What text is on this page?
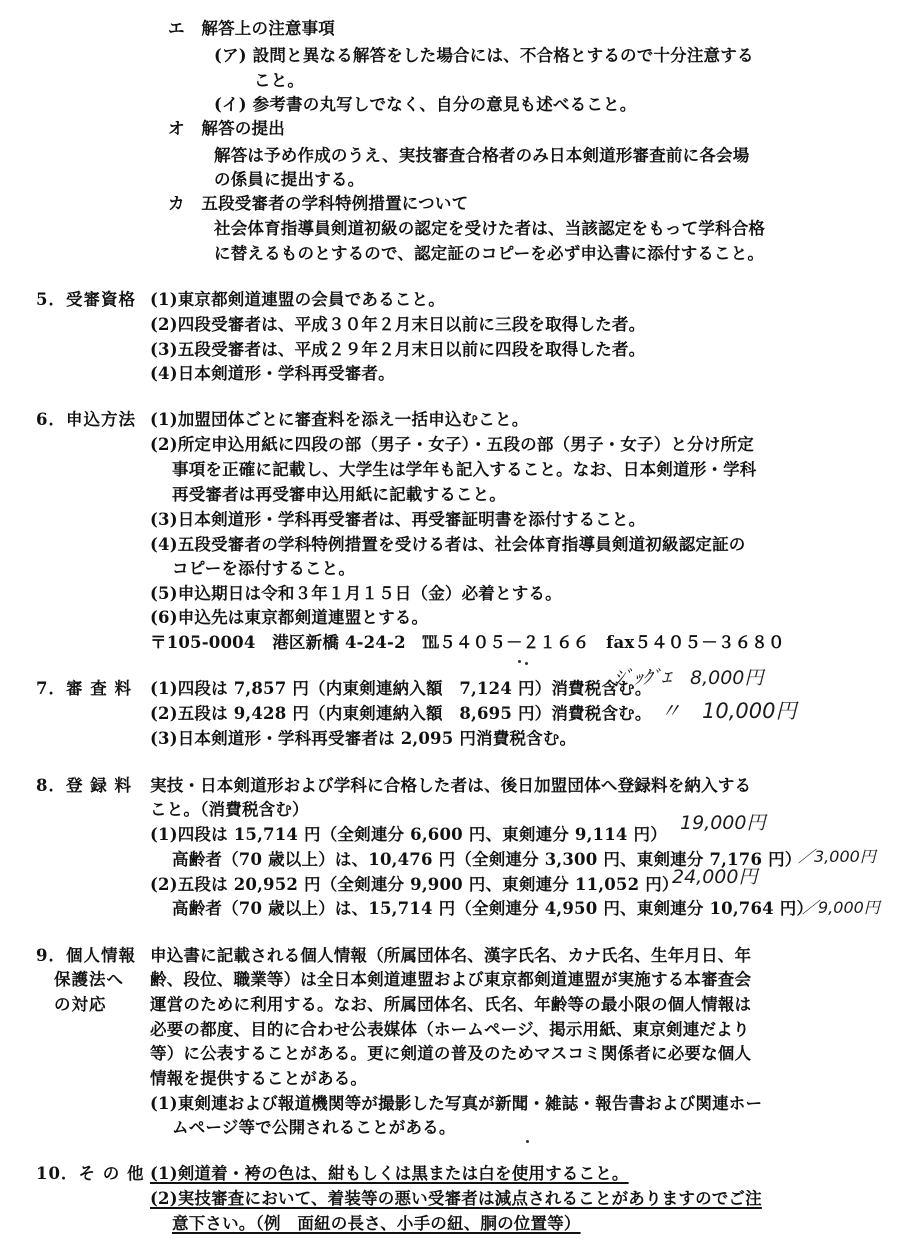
エ　解答上の注意事項
(ア) 設問と異なる解答をした場合には、不合格とするので十分注意する
こと。
(イ) 参考書の丸写しでなく、自分の意見も述べること。
オ　解答の提出
解答は予め作成のうえ、実技審査合格者のみ日本剣道形審査前に各会場
の係員に提出する。
カ　五段受審者の学科特例措置について
社会体育指導員剣道初級の認定を受けた者は、当該認定をもって学科合格
に替えるものとするので、認定証のコピーを必ず申込書に添付すること。
5．受審資格 (1)東京都剣道連盟の会員であること。
(2)四段受審者は、平成３０年２月末日以前に三段を取得した者。
(3)五段受審者は、平成２９年２月末日以前に四段を取得した者。
(4)日本剣道形・学科再受審者。
6．申込方法 (1)加盟団体ごとに審査料を添え一括申込むこと。
(2)所定申込用紙に四段の部（男子・女子）・五段の部（男子・女子）と分け所定
事項を正確に記載し、大学生は学年も記入すること。なお、日本剣道形・学科
再受審者は再受審申込用紙に記載すること。
(3)日本剣道形・学科再受審者は、再受審証明書を添付すること。
(4)五段受審者の学科特例措置を受ける者は、社会体育指導員剣道初級認定証の
コピーを添付すること。
(5)申込期日は令和３年１月１５日（金）必着とする。
(6)申込先は東京都剣道連盟とする。
〒105-0004　港区新橋 4-24-2　℡５４０５－２１６６　fax５４０５－３６８０
7．審 査 料 (1)四段は 7,857 円（内東剣連納入額　7,124 円）消費税含む。
(2)五段は 9,428 円（内東剣連納入額　8,695 円）消費税含む。
(3)日本剣道形・学科再受審者は 2,095 円消費税含む。
ｼﾞｯｸﾞｴ　8,000円
〃　10,000円
8．登 録 料 実技・日本剣道形および学科に合格した者は、後日加盟団体へ登録料を納入する
こと。（消費税含む）
(1)四段は 15,714 円（全剣連分 6,600 円、東剣連分 9,114 円）
高齢者（70 歳以上）は、10,476 円（全剣連分 3,300 円、東剣連分 7,176 円）
(2)五段は 20,952 円（全剣連分 9,900 円、東剣連分 11,052 円）
高齢者（70 歳以上）は、15,714 円（全剣連分 4,950 円、東剣連分 10,764 円）
19,000円
／3,000円
24,000円
／9,000円
9．個人情報
保護法へ
の対応
申込書に記載される個人情報（所属団体名、漢字氏名、カナ氏名、生年月日、年
齢、段位、職業等）は全日本剣道連盟および東京都剣道連盟が実施する本審査会
運営のために利用する。なお、所属団体名、氏名、年齢等の最小限の個人情報は
必要の都度、目的に合わせ公表媒体（ホームページ、掲示用紙、東京剣連だより
等）に公表することがある。更に剣道の普及のためマスコミ関係者に必要な個人
情報を提供することがある。
(1)東剣連および報道機関等が撮影した写真が新聞・雑誌・報告書および関連ホー
ムページ等で公開されることがある。
10．そ の 他 (1)剣道着・袴の色は、紺もしくは黒または白を使用すること。
(2)実技審査において、着装等の悪い受審者は減点されることがありますのでご注
意下さい。（例　面紐の長さ、小手の紐、胴の位置等）
